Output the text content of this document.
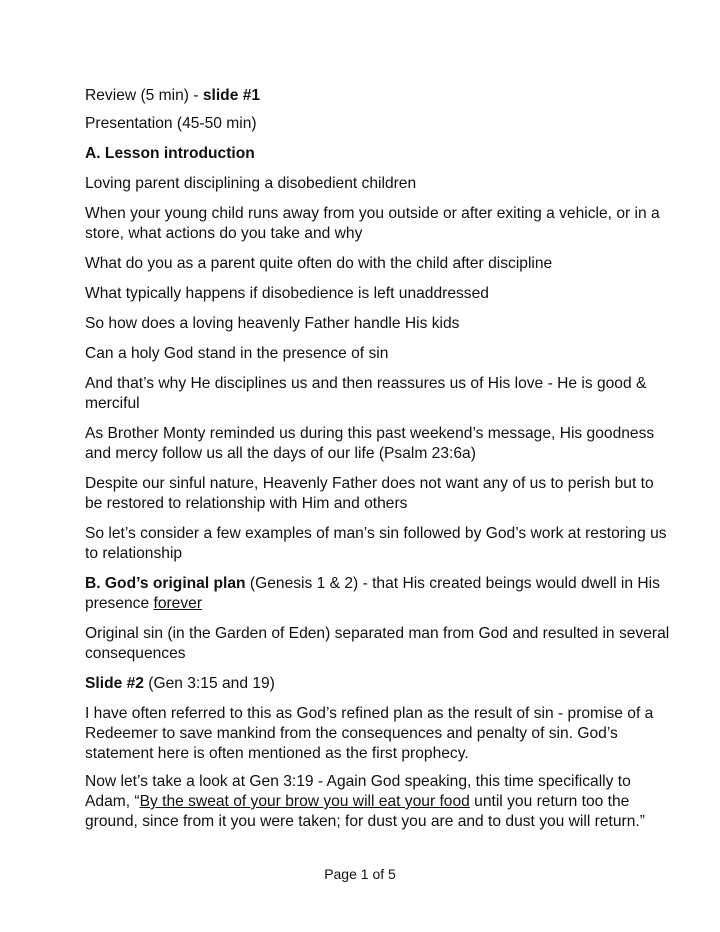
Review (5 min) - slide #1

Presentation (45-50 min)

A. Lesson introduction

Loving parent disciplining a disobedient children

When your young child runs away from you outside or after exiting a vehicle, or in a store, what actions do you take and why

What do you as a parent quite often do with the child after discipline

What typically happens if disobedience is left unaddressed

So how does a loving heavenly Father handle His kids

Can a holy God stand in the presence of sin

And that’s why He disciplines us and then reassures us of His love - He is good & merciful

As Brother Monty reminded us during this past weekend’s message, His goodness and mercy follow us all the days of our life (Psalm 23:6a)

Despite our sinful nature, Heavenly Father does not want any of us to perish but to be restored to relationship with Him and others

So let’s consider a few examples of man’s sin followed by God’s work at restoring us to relationship

B. God’s original plan (Genesis 1 & 2) - that His created beings would dwell in His presence forever

Original sin (in the Garden of Eden) separated man from God and resulted in several consequences

Slide #2 (Gen 3:15 and 19)

I have often referred to this as God’s refined plan as the result of sin - promise of a Redeemer to save mankind from the consequences and penalty of sin. God’s statement here is often mentioned as the first prophecy.

Now let’s take a look at Gen 3:19 - Again God speaking, this time specifically to Adam, “By the sweat of your brow you will eat your food until you return too the ground, since from it you were taken; for dust you are and to dust you will return.”

Page 1 of 5
